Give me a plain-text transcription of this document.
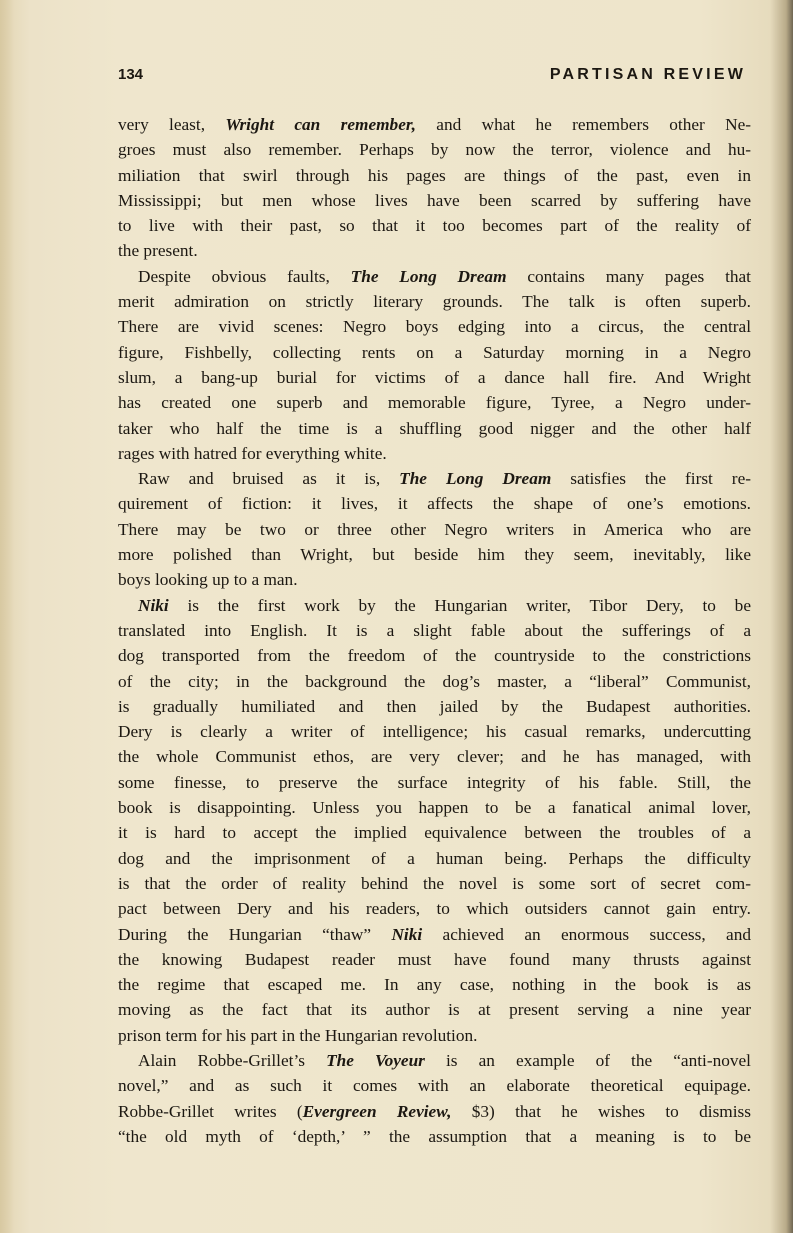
134	PARTISAN REVIEW
very least, Wright can remember, and what he remembers other Ne-
groes must also remember. Perhaps by now the terror, violence and hu-
miliation that swirl through his pages are things of the past, even in
Mississippi; but men whose lives have been scarred by suffering have
to live with their past, so that it too becomes part of the reality of
the present.
Despite obvious faults, The Long Dream contains many pages that
merit admiration on strictly literary grounds. The talk is often superb.
There are vivid scenes: Negro boys edging into a circus, the central
figure, Fishbelly, collecting rents on a Saturday morning in a Negro
slum, a bang-up burial for victims of a dance hall fire. And Wright
has created one superb and memorable figure, Tyree, a Negro under-
taker who half the time is a shuffling good nigger and the other half
rages with hatred for everything white.
Raw and bruised as it is, The Long Dream satisfies the first re-
quirement of fiction: it lives, it affects the shape of one’s emotions.
There may be two or three other Negro writers in America who are
more polished than Wright, but beside him they seem, inevitably, like
boys looking up to a man.
Niki is the first work by the Hungarian writer, Tibor Dery, to be
translated into English. It is a slight fable about the sufferings of a
dog transported from the freedom of the countryside to the constrictions
of the city; in the background the dog’s master, a “liberal” Communist,
is gradually humiliated and then jailed by the Budapest authorities.
Dery is clearly a writer of intelligence; his casual remarks, undercutting
the whole Communist ethos, are very clever; and he has managed, with
some finesse, to preserve the surface integrity of his fable. Still, the
book is disappointing. Unless you happen to be a fanatical animal lover,
it is hard to accept the implied equivalence between the troubles of a
dog and the imprisonment of a human being. Perhaps the difficulty
is that the order of reality behind the novel is some sort of secret com-
pact between Dery and his readers, to which outsiders cannot gain entry.
During the Hungarian “thaw” Niki achieved an enormous success, and
the knowing Budapest reader must have found many thrusts against
the regime that escaped me. In any case, nothing in the book is as
moving as the fact that its author is at present serving a nine year
prison term for his part in the Hungarian revolution.
Alain Robbe-Grillet’s The Voyeur is an example of the “anti-novel
novel,” and as such it comes with an elaborate theoretical equipage.
Robbe-Grillet writes (Evergreen Review, $3) that he wishes to dismiss
“the old myth of ‘depth,’ ” the assumption that a meaning is to be
